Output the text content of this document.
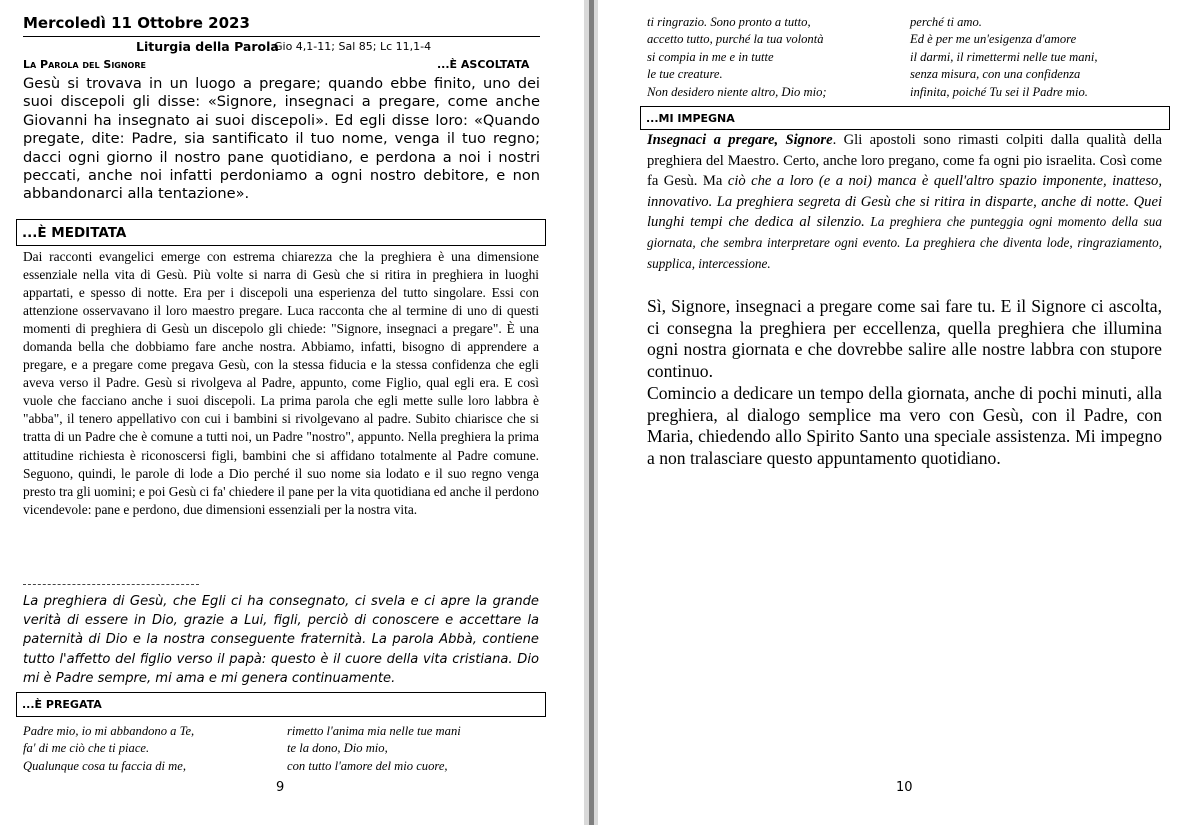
Mercoledì 11 Ottobre 2023
Liturgia della Parola
Gio 4,1-11; Sal 85; Lc 11,1-4
La Parola del Signore	...È ASCOLTATA
Gesù si trovava in un luogo a pregare; quando ebbe finito, uno dei suoi discepoli gli disse: «Signore, insegnaci a pregare, come anche Giovanni ha insegnato ai suoi discepoli». Ed egli disse loro: «Quando pregate, dite: Padre, sia santificato il tuo nome, venga il tuo regno; dacci ogni giorno il nostro pane quotidiano, e perdona a noi i nostri peccati, anche noi infatti perdoniamo a ogni nostro debitore, e non abbandonarci alla tentazione».
...È MEDITATA
Dai racconti evangelici emerge con estrema chiarezza che la preghiera è una dimensione essenziale nella vita di Gesù. Più volte si narra di Gesù che si ritira in preghiera in luoghi appartati, e spesso di notte. Era per i discepoli una esperienza del tutto singolare. Essi con attenzione osservavano il loro maestro pregare. Luca racconta che al termine di uno di questi momenti di preghiera di Gesù un discepolo gli chiede: "Signore, insegnaci a pregare". È una domanda bella che dobbiamo fare anche nostra. Abbiamo, infatti, bisogno di apprendere a pregare, e a pregare come pregava Gesù, con la stessa fiducia e la stessa confidenza che egli aveva verso il Padre. Gesù si rivolgeva al Padre, appunto, come Figlio, qual egli era. E così vuole che facciano anche i suoi discepoli. La prima parola che egli mette sulle loro labbra è "abba", il tenero appellativo con cui i bambini si rivolgevano al padre. Subito chiarisce che si tratta di un Padre che è comune a tutti noi, un Padre "nostro", appunto. Nella preghiera la prima attitudine richiesta è riconoscersi figli, bambini che si affidano totalmente al Padre comune. Seguono, quindi, le parole di lode a Dio perché il suo nome sia lodato e il suo regno venga presto tra gli uomini; e poi Gesù ci fa' chiedere il pane per la vita quotidiana ed anche il perdono vicendevole: pane e perdono, due dimensioni essenziali per la nostra vita.
La preghiera di Gesù, che Egli ci ha consegnato, ci svela e ci apre la grande verità di essere in Dio, grazie a Lui, figli, perciò di conoscere e accettare la paternità di Dio e la nostra conseguente fraternità. La parola Abbà, contiene tutto l'affetto del figlio verso il papà: questo è il cuore della vita cristiana. Dio mi è Padre sempre, mi ama e mi genera continuamente.
...È PREGATA
Padre mio, io mi abbandono a Te,
fa' di me ciò che ti piace.
Qualunque cosa tu faccia di me,
rimetto l'anima mia nelle tue mani
te la dono, Dio mio,
con tutto l'amore del mio cuore,
9
ti ringrazio. Sono pronto a tutto,
accetto tutto, purché la tua volontà
si compia in me e in tutte
le tue creature.
Non desidero niente altro, Dio mio;
perché ti amo.
Ed è per me un'esigenza d'amore
il darmi, il rimettermi nelle tue mani,
senza misura, con una confidenza
infinita, poiché Tu sei il Padre mio.
...MI IMPEGNA
Insegnaci a pregare, Signore. Gli apostoli sono rimasti colpiti dalla qualità della preghiera del Maestro. Certo, anche loro pregano, come fa ogni pio israelita. Così come fa Gesù. Ma ciò che a loro (e a noi) manca è quell'altro spazio imponente, inatteso, innovativo. La preghiera segreta di Gesù che si ritira in disparte, anche di notte. Quei lunghi tempi che dedica al silenzio. La preghiera che punteggia ogni momento della sua giornata, che sembra interpretare ogni evento. La preghiera che diventa lode, ringraziamento, supplica, intercessione.
Sì, Signore, insegnaci a pregare come sai fare tu. E il Signore ci ascolta, ci consegna la preghiera per eccellenza, quella preghiera che illumina ogni nostra giornata e che dovrebbe salire alle nostre labbra con stupore continuo.
Comincio a dedicare un tempo della giornata, anche di pochi minuti, alla preghiera, al dialogo semplice ma vero con Gesù, con il Padre, con Maria, chiedendo allo Spirito Santo una speciale assistenza. Mi impegno a non tralasciare questo appuntamento quotidiano.
10
